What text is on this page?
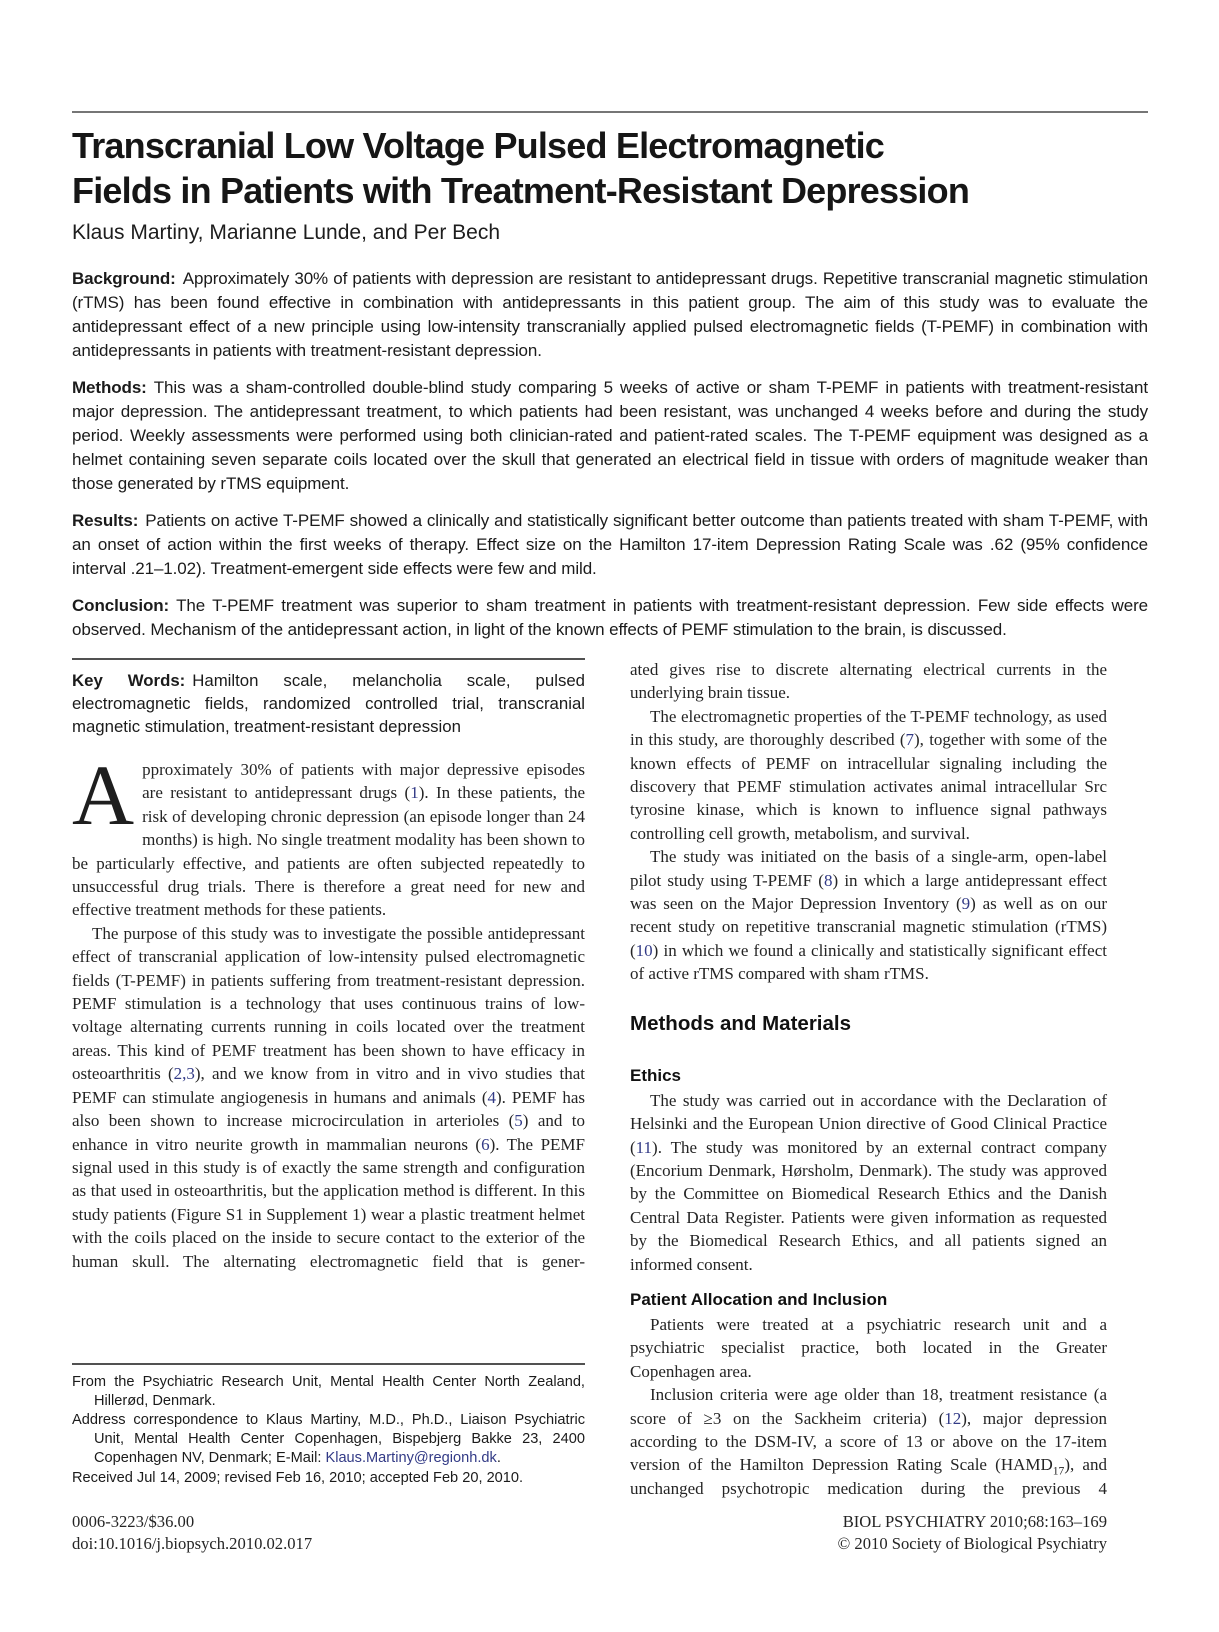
Transcranial Low Voltage Pulsed Electromagnetic
Fields in Patients with Treatment-Resistant Depression
Klaus Martiny, Marianne Lunde, and Per Bech

Background: Approximately 30% of patients with depression are resistant to antidepressant drugs. Repetitive transcranial magnetic stimulation (rTMS) has been found effective in combination with antidepressants in this patient group. The aim of this study was to evaluate the antidepressant effect of a new principle using low-intensity transcranially applied pulsed electromagnetic fields (T-PEMF) in combination with antidepressants in patients with treatment-resistant depression.

Methods: This was a sham-controlled double-blind study comparing 5 weeks of active or sham T-PEMF in patients with treatment-resistant major depression. The antidepressant treatment, to which patients had been resistant, was unchanged 4 weeks before and during the study period. Weekly assessments were performed using both clinician-rated and patient-rated scales. The T-PEMF equipment was designed as a helmet containing seven separate coils located over the skull that generated an electrical field in tissue with orders of magnitude weaker than those generated by rTMS equipment.

Results: Patients on active T-PEMF showed a clinically and statistically significant better outcome than patients treated with sham T-PEMF, with an onset of action within the first weeks of therapy. Effect size on the Hamilton 17-item Depression Rating Scale was .62 (95% confidence interval .21–1.02). Treatment-emergent side effects were few and mild.

Conclusion: The T-PEMF treatment was superior to sham treatment in patients with treatment-resistant depression. Few side effects were observed. Mechanism of the antidepressant action, in light of the known effects of PEMF stimulation to the brain, is discussed.

Key Words: Hamilton scale, melancholia scale, pulsed electromagnetic fields, randomized controlled trial, transcranial magnetic stimulation, treatment-resistant depression

Approximately 30% of patients with major depressive episodes are resistant to antidepressant drugs (1). In these patients, the risk of developing chronic depression (an episode longer than 24 months) is high. No single treatment modality has been shown to be particularly effective, and patients are often subjected repeatedly to unsuccessful drug trials. There is therefore a great need for new and effective treatment methods for these patients.

The purpose of this study was to investigate the possible antidepressant effect of transcranial application of low-intensity pulsed electromagnetic fields (T-PEMF) in patients suffering from treatment-resistant depression. PEMF stimulation is a technology that uses continuous trains of low-voltage alternating currents running in coils located over the treatment areas. This kind of PEMF treatment has been shown to have efficacy in osteoarthritis (2,3), and we know from in vitro and in vivo studies that PEMF can stimulate angiogenesis in humans and animals (4). PEMF has also been shown to increase microcirculation in arterioles (5) and to enhance in vitro neurite growth in mammalian neurons (6). The PEMF signal used in this study is of exactly the same strength and configuration as that used in osteoarthritis, but the application method is different. In this study patients (Figure S1 in Supplement 1) wear a plastic treatment helmet with the coils placed on the inside to secure contact to the exterior of the human skull. The alternating electromagnetic field that is gener-

From the Psychiatric Research Unit, Mental Health Center North Zealand, Hillerød, Denmark.

Address correspondence to Klaus Martiny, M.D., Ph.D., Liaison Psychiatric Unit, Mental Health Center Copenhagen, Bispebjerg Bakke 23, 2400 Copenhagen NV, Denmark; E-Mail: Klaus.Martiny@regionh.dk.

Received Jul 14, 2009; revised Feb 16, 2010; accepted Feb 20, 2010.

0006-3223/$36.00
doi:10.1016/j.biopsych.2010.02.017

ated gives rise to discrete alternating electrical currents in the underlying brain tissue.

The electromagnetic properties of the T-PEMF technology, as used in this study, are thoroughly described (7), together with some of the known effects of PEMF on intracellular signaling including the discovery that PEMF stimulation activates animal intracellular Src tyrosine kinase, which is known to influence signal pathways controlling cell growth, metabolism, and survival.

The study was initiated on the basis of a single-arm, open-label pilot study using T-PEMF (8) in which a large antidepressant effect was seen on the Major Depression Inventory (9) as well as on our recent study on repetitive transcranial magnetic stimulation (rTMS) (10) in which we found a clinically and statistically significant effect of active rTMS compared with sham rTMS.

Methods and Materials
Ethics

The study was carried out in accordance with the Declaration of Helsinki and the European Union directive of Good Clinical Practice (11). The study was monitored by an external contract company (Encorium Denmark, Hørsholm, Denmark). The study was approved by the Committee on Biomedical Research Ethics and the Danish Central Data Register. Patients were given information as requested by the Biomedical Research Ethics, and all patients signed an informed consent.

Patient Allocation and Inclusion

Patients were treated at a psychiatric research unit and a psychiatric specialist practice, both located in the Greater Copenhagen area.

Inclusion criteria were age older than 18, treatment resistance (a score of ≥3 on the Sackheim criteria) (12), major depression according to the DSM-IV, a score of 13 or above on the 17-item version of the Hamilton Depression Rating Scale $(HAMD_{17})$, and unchanged psychotropic medication during the previous 4

BIOL PSYCHIATRY 2010;68:163–169
© 2010 Society of Biological Psychiatry
